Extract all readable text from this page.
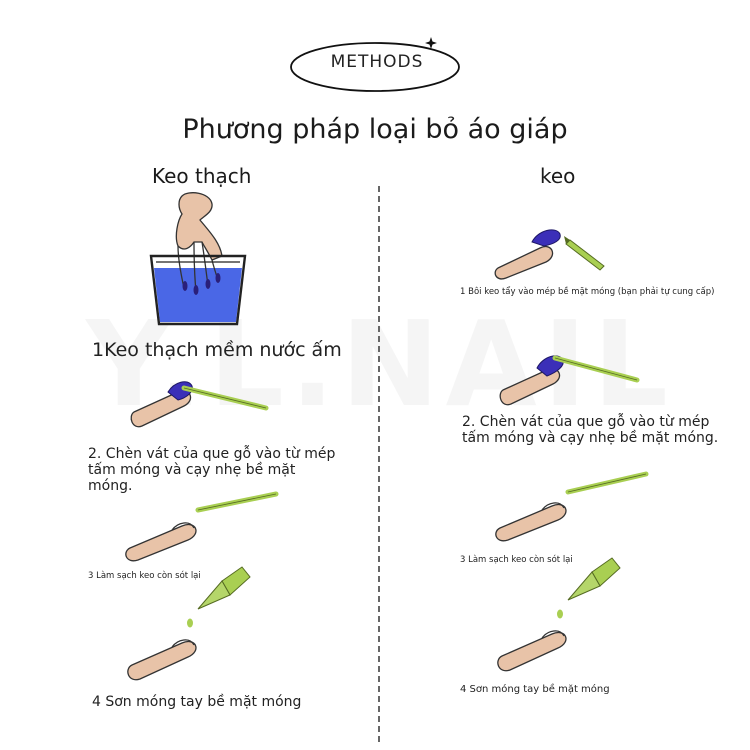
METHODS
Phương pháp loại bỏ áo giáp
Keo thạch	keo
1Keo thạch mềm nước ấm
2. Chèn vát của que gỗ vào từ mép tấm móng và cạy nhẹ bề mặt móng.
3 Làm sạch keo còn sót lại
4 Sơn móng tay bề mặt móng
1 Bôi keo tẩy vào mép bề mặt móng (bạn phải tự cung cấp)
2. Chèn vát của que gỗ vào từ mép tấm móng và cạy nhẹ bề mặt móng.
3 Làm sạch keo còn sót lại
4 Sơn móng tay bề mặt móng
